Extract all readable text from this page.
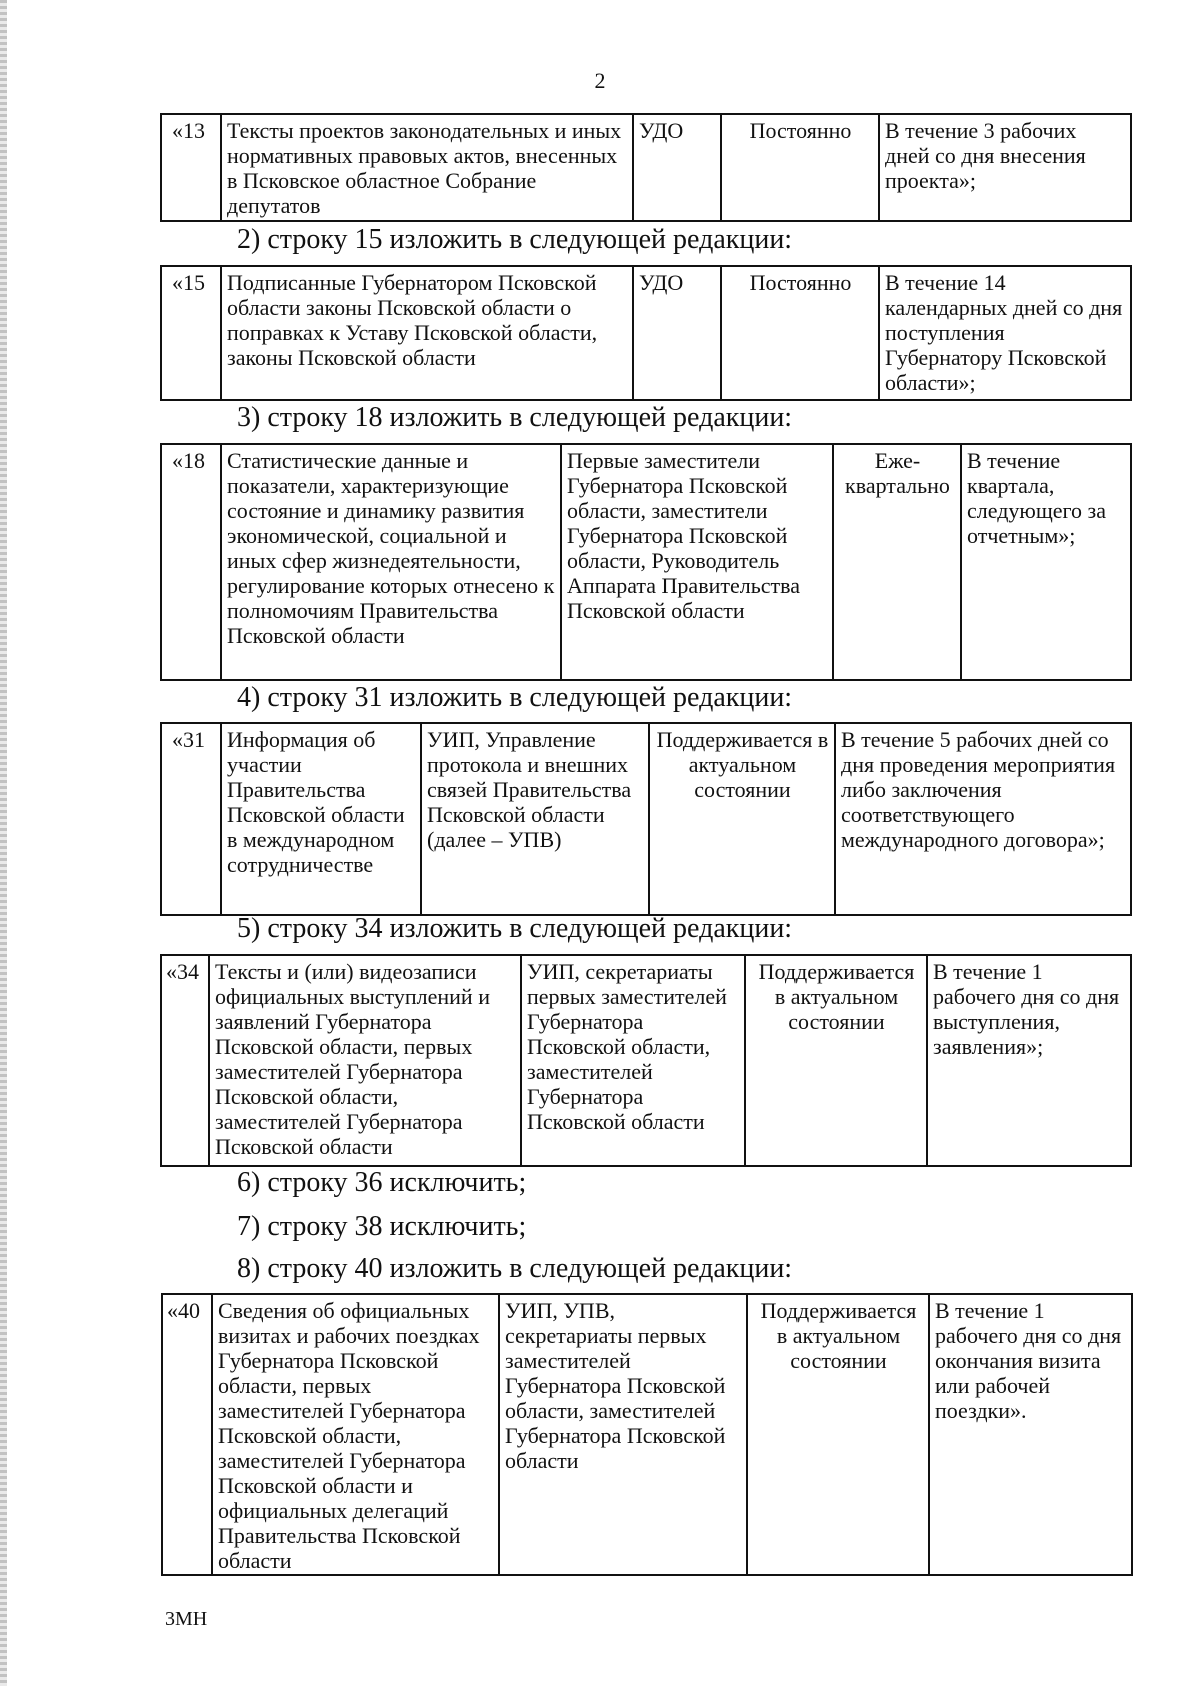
2
«13	Тексты проектов законодательных и иных нормативных правовых актов, внесенных в Псковское областное Собрание депутатов	УДО	Постоянно	В течение 3 рабочих дней со дня внесения проекта»;
2) строку 15 изложить в следующей редакции:
«15	Подписанные Губернатором Псковской области законы Псковской области о поправках к Уставу Псковской области, законы Псковской области	УДО	Постоянно	В течение 14 календарных дней со дня поступления Губернатору Псковской области»;
3) строку 18 изложить в следующей редакции:
«18	Статистические данные и показатели, характеризующие состояние и динамику развития экономической, социальной и иных сфер жизнедеятельности, регулирование которых отнесено к полномочиям Правительства Псковской области	Первые заместители Губернатора Псковской области, заместители Губернатора Псковской области, Руководитель Аппарата Правительства Псковской области	Еже-квартально	В течение квартала, следующего за отчетным»;
4) строку 31 изложить в следующей редакции:
«31	Информация об участии Правительства Псковской области в международном сотрудничестве	УИП, Управление протокола и внешних связей Правительства Псковской области (далее – УПВ)	Поддерживается в актуальном состоянии	В течение 5 рабочих дней со дня проведения мероприятия либо заключения соответствующего международного договора»;
5) строку 34 изложить в следующей редакции:
«34	Тексты и (или) видеозаписи официальных выступлений и заявлений Губернатора Псковской области, первых заместителей Губернатора Псковской области, заместителей Губернатора Псковской области	УИП, секретариаты первых заместителей Губернатора Псковской области, заместителей Губернатора Псковской области	Поддерживается в актуальном состоянии	В течение 1 рабочего дня со дня выступления, заявления»;
6) строку 36 исключить;
7) строку 38 исключить;
8) строку 40 изложить в следующей редакции:
«40	Сведения об официальных визитах и рабочих поездках Губернатора Псковской области, первых заместителей Губернатора Псковской области, заместителей Губернатора Псковской области и официальных делегаций Правительства Псковской области	УИП, УПВ, секретариаты первых заместителей Губернатора Псковской области, заместителей Губернатора Псковской области	Поддерживается в актуальном состоянии	В течение 1 рабочего дня со дня окончания визита или рабочей поездки».
3МН
